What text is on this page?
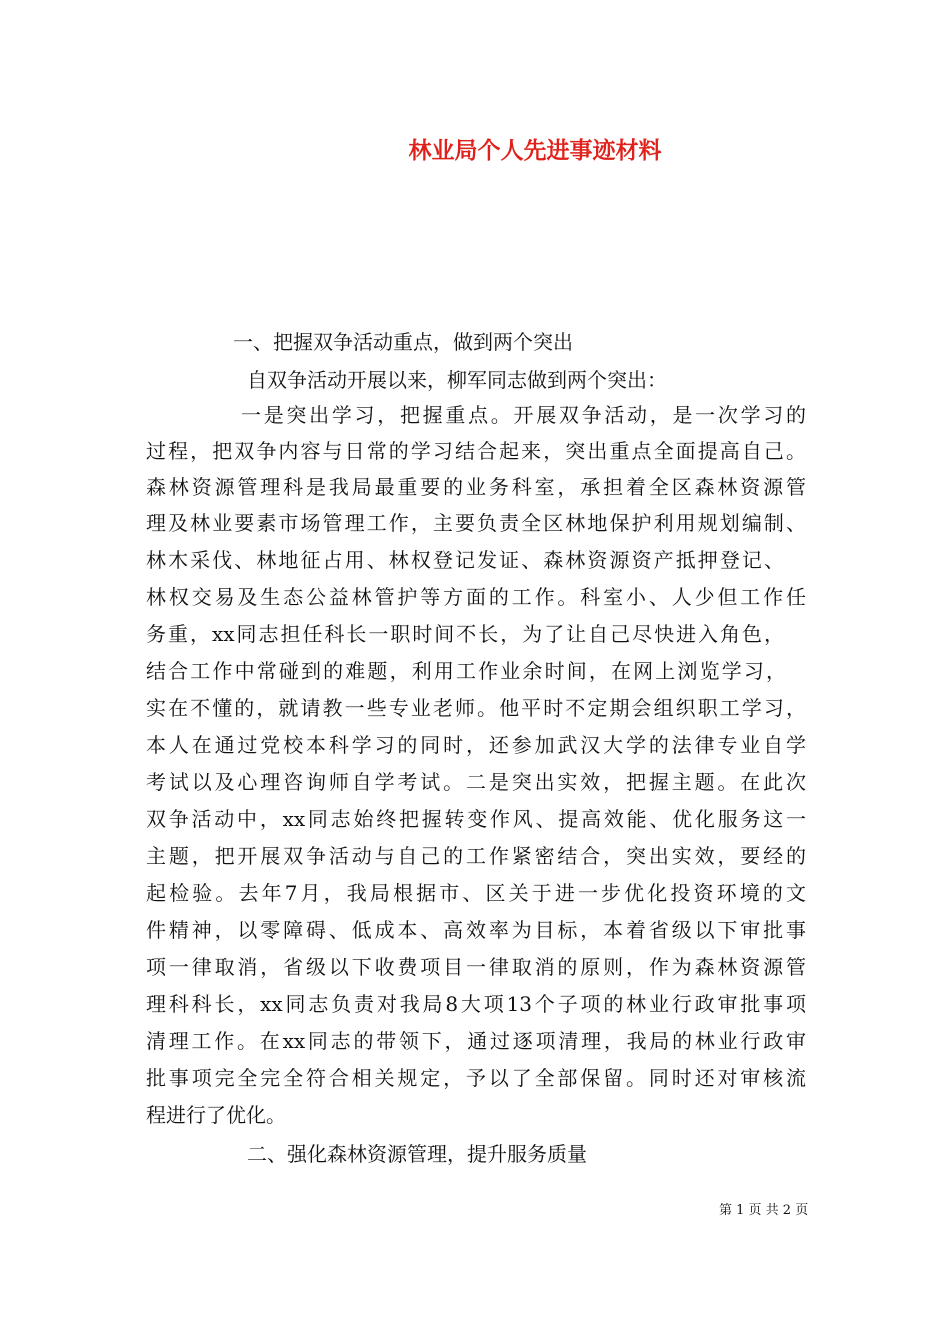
林业局个人先进事迹材料
一、把握双争活动重点，做到两个突出
自双争活动开展以来，柳军同志做到两个突出：
一是突出学习，把握重点。开展双争活动，是一次学习的
过程，把双争内容与日常的学习结合起来，突出重点全面提高自己。
森林资源管理科是我局最重要的业务科室，承担着全区森林资源管
理及林业要素市场管理工作，主要负责全区林地保护利用规划编制、
林木采伐、林地征占用、林权登记发证、森林资源资产抵押登记、
林权交易及生态公益林管护等方面的工作。科室小、人少但工作任
务重，xx同志担任科长一职时间不长，为了让自己尽快进入角色，
结合工作中常碰到的难题，利用工作业余时间，在网上浏览学习，
实在不懂的，就请教一些专业老师。他平时不定期会组织职工学习，
本人在通过党校本科学习的同时，还参加武汉大学的法律专业自学
考试以及心理咨询师自学考试。二是突出实效，把握主题。在此次
双争活动中，xx同志始终把握转变作风、提高效能、优化服务这一
主题，把开展双争活动与自己的工作紧密结合，突出实效，要经的
起检验。去年7月，我局根据市、区关于进一步优化投资环境的文
件精神，以零障碍、低成本、高效率为目标，本着省级以下审批事
项一律取消，省级以下收费项目一律取消的原则，作为森林资源管
理科科长，xx同志负责对我局8大项13个子项的林业行政审批事项
清理工作。在xx同志的带领下，通过逐项清理，我局的林业行政审
批事项完全完全符合相关规定，予以了全部保留。同时还对审核流
程进行了优化。
二、强化森林资源管理，提升服务质量
第 1 页 共 2 页
